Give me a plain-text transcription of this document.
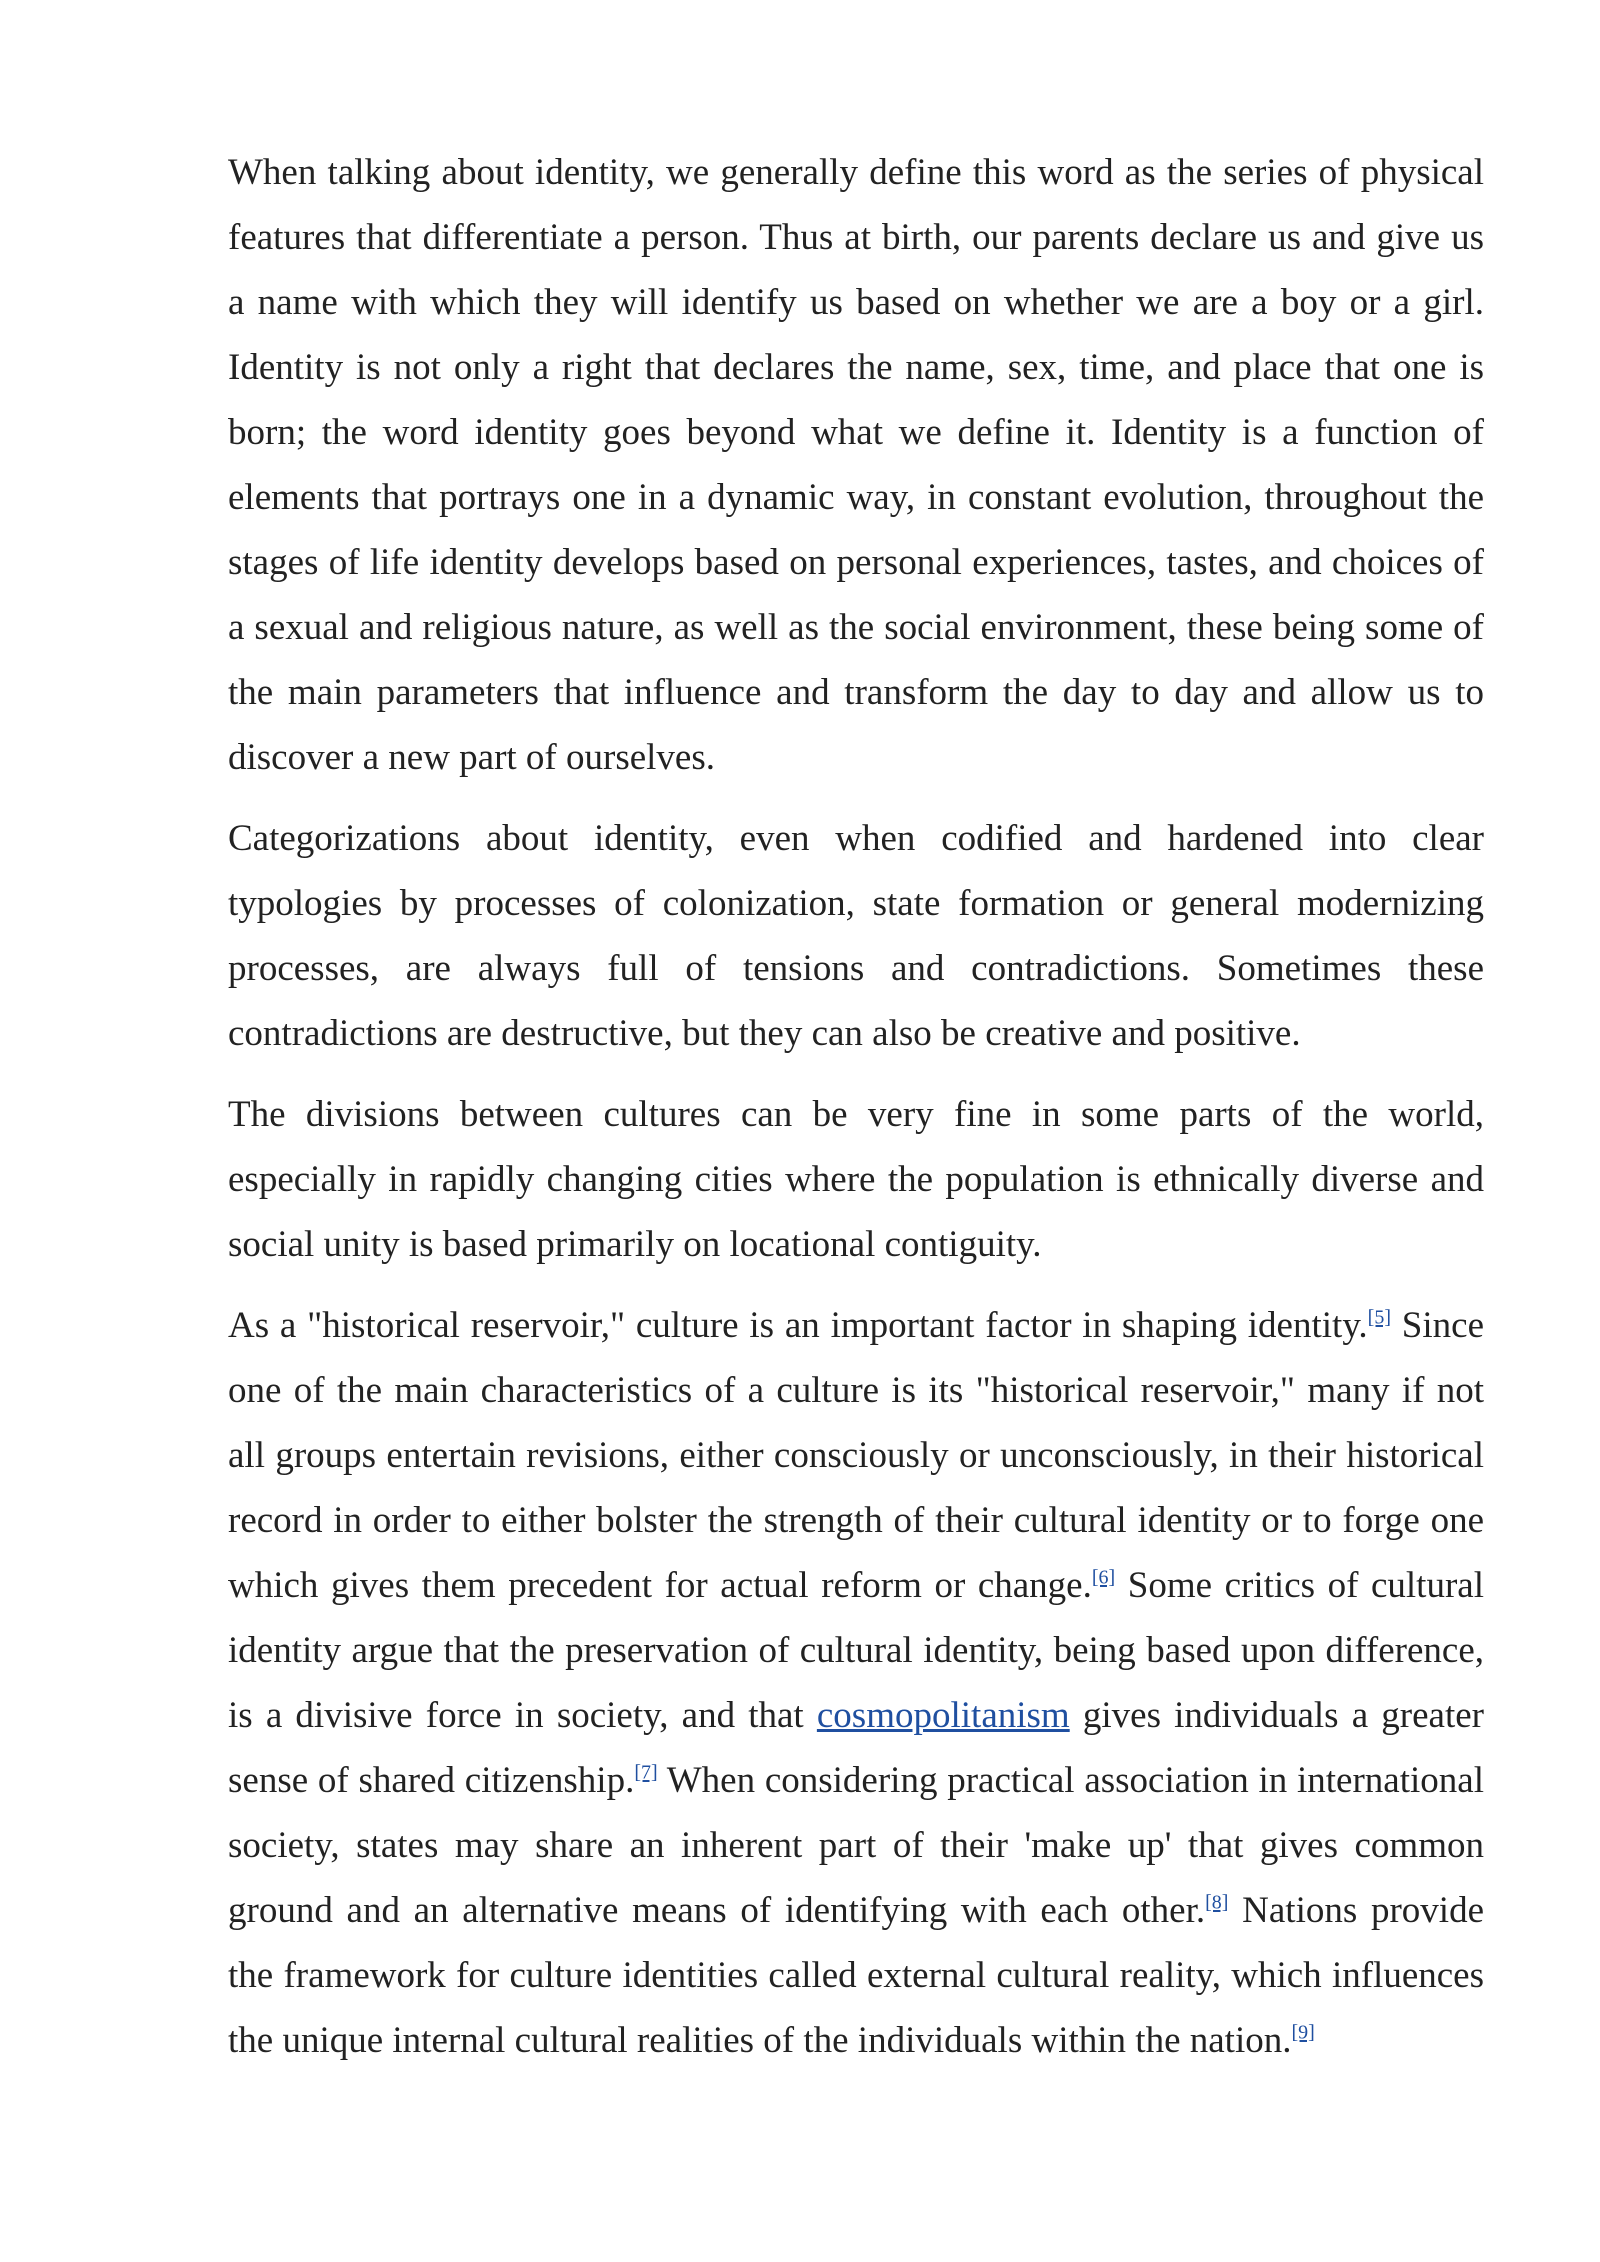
When talking about identity, we generally define this word as the series of physical features that differentiate a person. Thus at birth, our parents declare us and give us a name with which they will identify us based on whether we are a boy or a girl. Identity is not only a right that declares the name, sex, time, and place that one is born; the word identity goes beyond what we define it. Identity is a function of elements that portrays one in a dynamic way, in constant evolution, throughout the stages of life identity develops based on personal experiences, tastes, and choices of a sexual and religious nature, as well as the social environment, these being some of the main parameters that influence and transform the day to day and allow us to discover a new part of ourselves.

Categorizations about identity, even when codified and hardened into clear typologies by processes of colonization, state formation or general modernizing processes, are always full of tensions and contradictions. Sometimes these contradictions are destructive, but they can also be creative and positive.

The divisions between cultures can be very fine in some parts of the world, especially in rapidly changing cities where the population is ethnically diverse and social unity is based primarily on locational contiguity.

As a "historical reservoir," culture is an important factor in shaping identity.[5] Since one of the main characteristics of a culture is its "historical reservoir," many if not all groups entertain revisions, either consciously or unconsciously, in their historical record in order to either bolster the strength of their cultural identity or to forge one which gives them precedent for actual reform or change.[6] Some critics of cultural identity argue that the preservation of cultural identity, being based upon difference, is a divisive force in society, and that cosmopolitanism gives individuals a greater sense of shared citizenship.[7] When considering practical association in international society, states may share an inherent part of their 'make up' that gives common ground and an alternative means of identifying with each other.[8] Nations provide the framework for culture identities called external cultural reality, which influences the unique internal cultural realities of the individuals within the nation.[9]
